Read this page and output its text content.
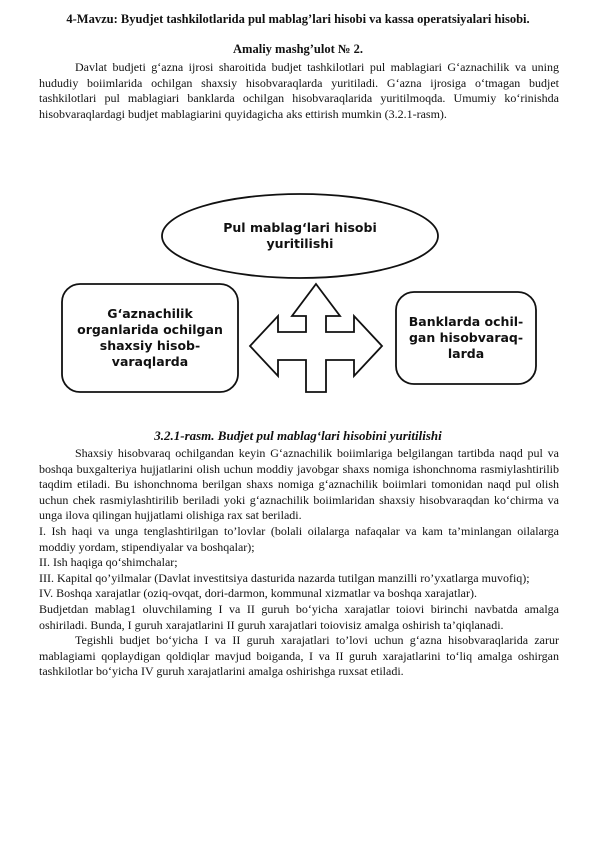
4-Mavzu: Byudjet tashkilotlarida pul mablag’lari hisobi va kassa operatsiyalari hisobi.
Amaliy mashg’ulot № 2.

Davlat budjeti g‘azna ijrosi sharoitida budjet tashkilotlari pul mablagiari G‘aznachilik va uning hududiy boiimlarida ochilgan shaxsiy hisobvaraqlarda yuritiladi. G‘azna ijrosiga o‘tmagan budjet tashkilotlari pul mablagiari banklarda ochilgan hisobvaraqlarida yuritilmoqda. Umumiy ko‘rinishda hisobvaraqlardagi budjet mablagiarini quyidagicha aks ettirish mumkin (3.2.1-rasm).

Pul mablag‘lari hisobi
yuritilishi
G‘aznachilik
organlarida ochilgan
shaxsiy hisob-
varaqlarda
Banklarda ochil-
gan hisobvaraq-
larda
3.2.1-rasm. Budjet pul mablag‘lari hisobini yuritilishi

Shaxsiy hisobvaraq ochilgandan keyin G‘aznachilik boiimlariga belgilangan tartibda naqd pul va boshqa buxgalteriya hujjatlarini olish uchun moddiy javobgar shaxs nomiga ishonchnoma rasmiylashtirilib taqdim etiladi. Bu ishonchnoma berilgan shaxs nomiga g‘aznachilik boiimlari tomonidan naqd pul olish uchun chek rasmiylashtirilib beriladi yoki g‘aznachilik boiimlaridan shaxsiy hisobvaraqdan ko‘chirma va unga ilova qilingan hujjatlami olishiga rax sat beriladi.

I. Ish haqi va unga tenglashtirilgan to’lovlar (bolali oilalarga nafaqalar va kam ta’minlangan oilalarga moddiy yordam, stipendiyalar va boshqalar);

II. Ish haqiga qo‘shimchalar;

III. Kapital qo’yilmalar (Davlat investitsiya dasturida nazarda tutilgan manzilli ro’yxatlarga muvofiq);

IV. Boshqa xarajatlar (oziq-ovqat, dori-darmon, kommunal xizmatlar va boshqa xarajatlar).

Budjetdan mablag1 oluvchilaming I va II guruh bo‘yicha xarajatlar toiovi birinchi navbatda amalga oshiriladi. Bunda, I guruh xarajatlarini II guruh xarajatlari toiovisiz amalga oshirish ta’qiqlanadi.

Tegishli budjet bo‘yicha I va II guruh xarajatlari to’lovi uchun g‘azna hisobvaraqlarida zarur mablagiami qoplaydigan qoldiqlar mavjud boiganda, I va II guruh xarajatlarini to‘liq amalga oshirgan tashkilotlar bo‘yicha IV guruh xarajatlarini amalga oshirishga ruxsat etiladi.
